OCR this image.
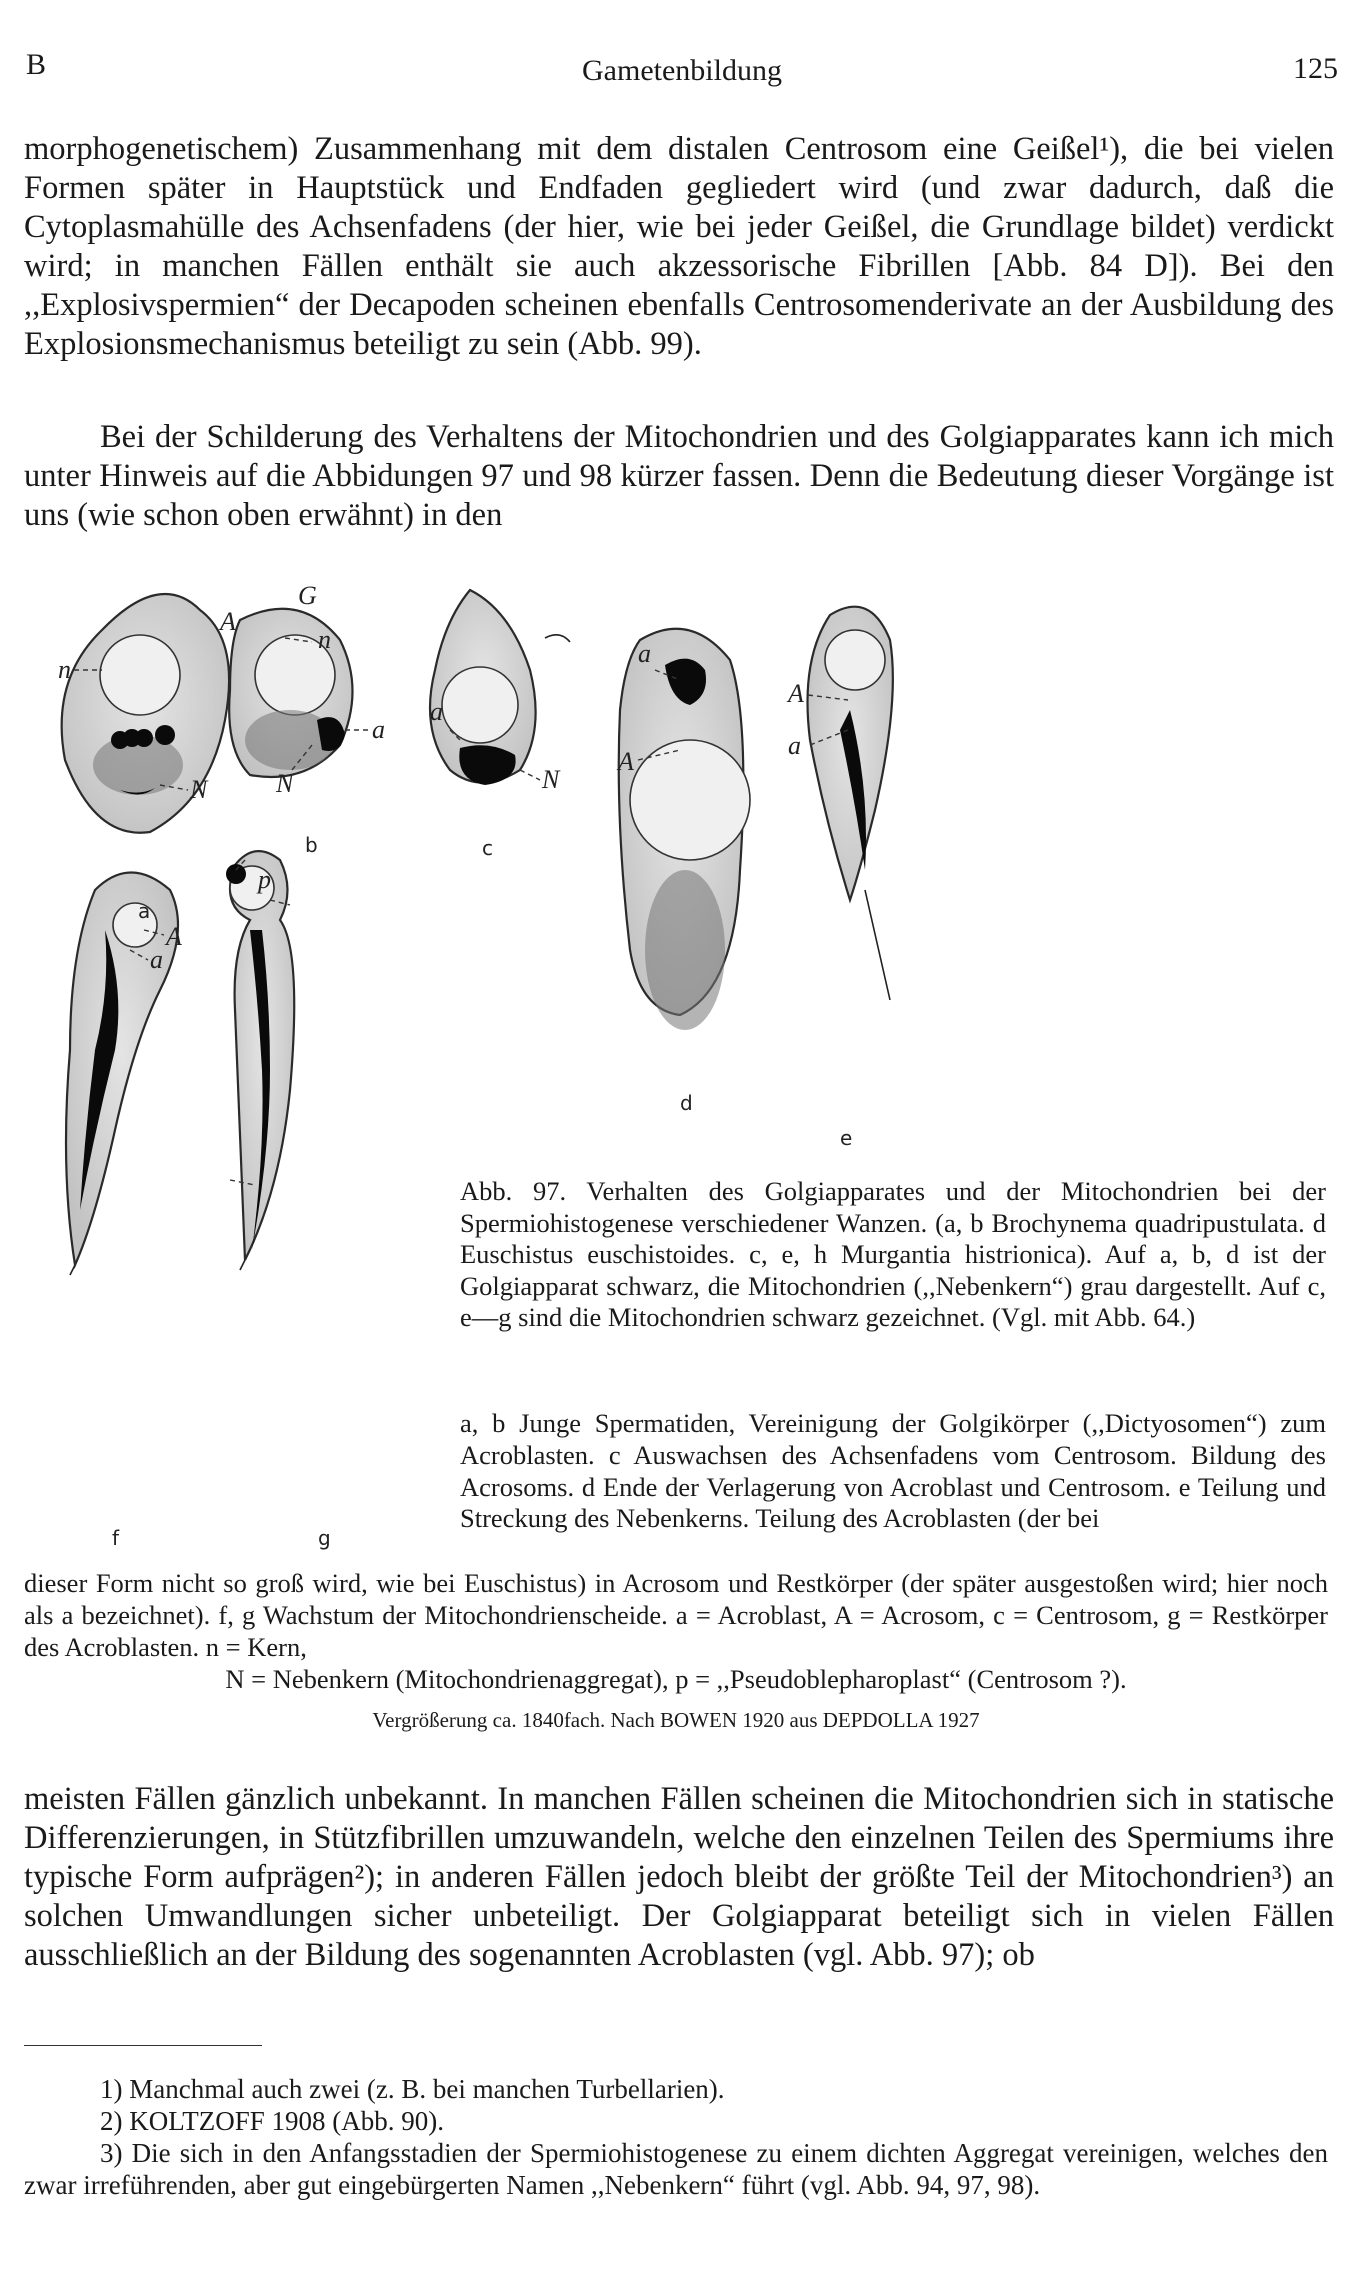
B	Gametenbildung	125

morphogenetischem) Zusammenhang mit dem distalen Centrosom eine Geißel¹), die bei vielen Formen später in Hauptstück und Endfaden gegliedert wird (und zwar dadurch, daß die Cytoplasmahülle des Achsenfadens (der hier, wie bei jeder Geißel, die Grundlage bildet) verdickt wird; in manchen Fällen enthält sie auch akzessorische Fibrillen [Abb. 84 D]). Bei den ,,Explosivspermien“ der Decapoden scheinen ebenfalls Centrosomenderivate an der Ausbildung des Explosionsmechanismus beteiligt zu sein (Abb. 99).

Bei der Schilderung des Verhaltens der Mitochondrien und des Golgiapparates kann ich mich unter Hinweis auf die Abbidungen 97 und 98 kürzer fassen. Denn die Bedeutung dieser Vorgänge ist uns (wie schon oben erwähnt) in den

n
N
n
a
N
a
N
a
A
A
a
A
a
p
A
G
a
b	c
d
e
f	g

Abb. 97. Verhalten des Golgiapparates und der Mitochondrien bei der Spermiohistogenese verschiedener Wanzen. (a, b Brochynema quadripustulata. d Euschistus euschistoides. c, e, h Murgantia histrionica). Auf a, b, d ist der Golgiapparat schwarz, die Mitochondrien (,,Nebenkern“) grau dargestellt. Auf c, e—g sind die Mitochondrien schwarz gezeichnet. (Vgl. mit Abb. 64.)

a, b Junge Spermatiden, Vereinigung der Golgikörper (,,Dictyosomen“) zum Acroblasten. c Auswachsen des Achsenfadens vom Centrosom. Bildung des Acrosoms. d Ende der Verlagerung von Acroblast und Centrosom. e Teilung und Streckung des Nebenkerns. Teilung des Acroblasten (der bei

dieser Form nicht so groß wird, wie bei Euschistus) in Acrosom und Restkörper (der später ausgestoßen wird; hier noch als a bezeichnet). f, g Wachstum der Mitochondrienscheide. a = Acroblast, A = Acrosom, c = Centrosom, g = Restkörper des Acroblasten. n = Kern,

N = Nebenkern (Mitochondrienaggregat), p = ,,Pseudoblepharoplast“ (Centrosom ?).

Vergrößerung ca. 1840fach. Nach BOWEN 1920 aus DEPDOLLA 1927

meisten Fällen gänzlich unbekannt. In manchen Fällen scheinen die Mitochondrien sich in statische Differenzierungen, in Stützfibrillen umzuwandeln, welche den einzelnen Teilen des Spermiums ihre typische Form aufprägen²); in anderen Fällen jedoch bleibt der größte Teil der Mitochondrien³) an solchen Umwandlungen sicher unbeteiligt. Der Golgiapparat beteiligt sich in vielen Fällen ausschließlich an der Bildung des sogenannten Acroblasten (vgl. Abb. 97); ob

1) Manchmal auch zwei (z. B. bei manchen Turbellarien).

2) KOLTZOFF 1908 (Abb. 90).

3) Die sich in den Anfangsstadien der Spermiohistogenese zu einem dichten Aggregat vereinigen, welches den zwar irreführenden, aber gut eingebürgerten Namen ,,Nebenkern“ führt (vgl. Abb. 94, 97, 98).
